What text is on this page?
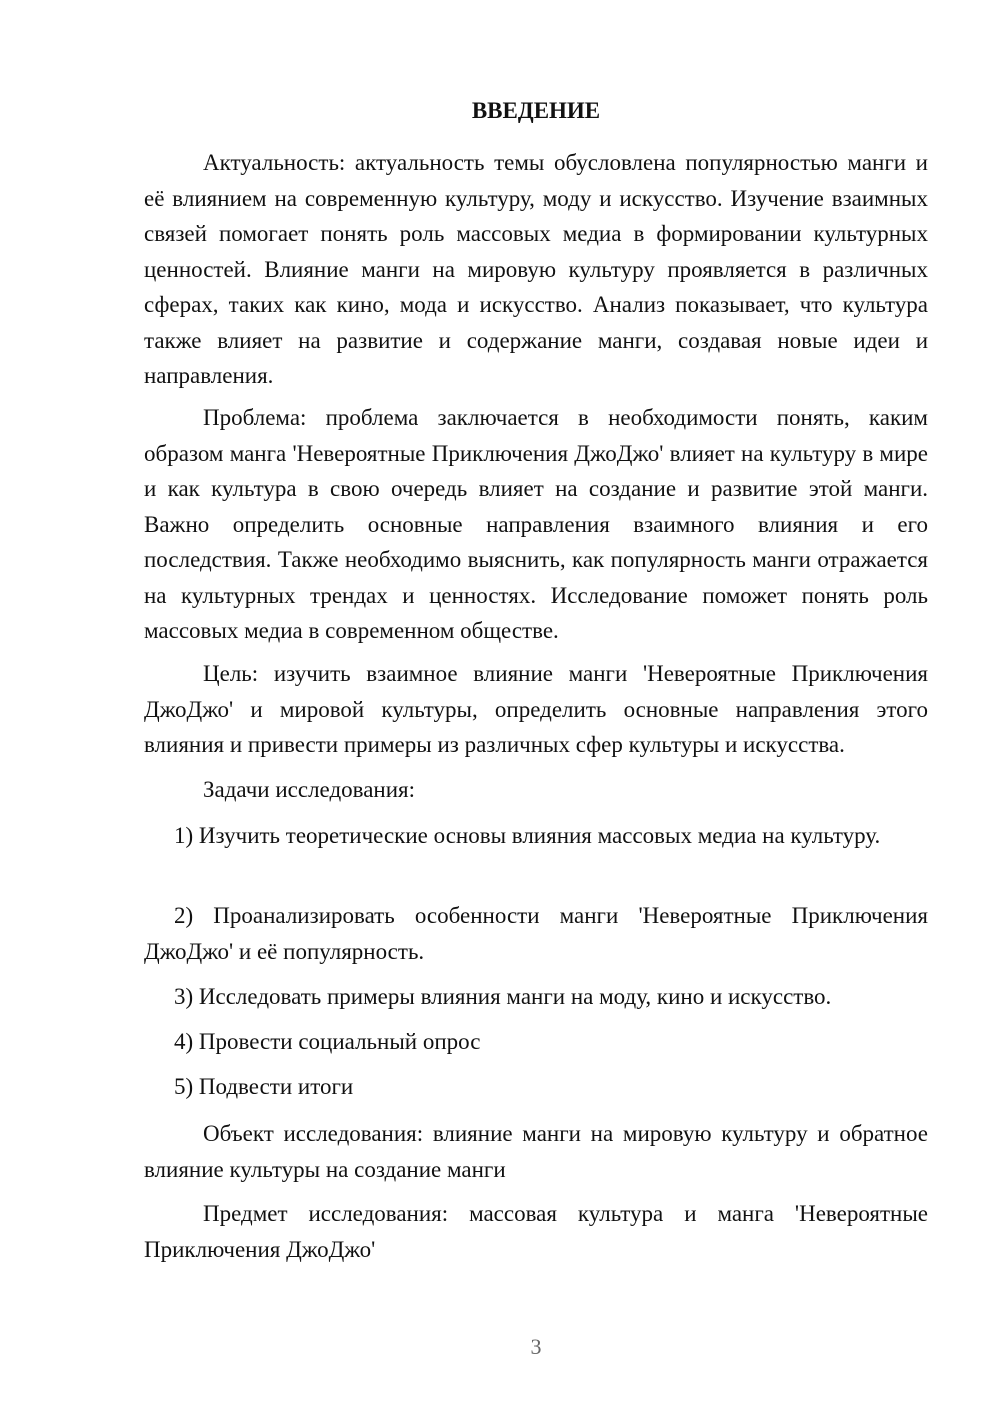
ВВЕДЕНИЕ

Актуальность: актуальность темы обусловлена популярностью манги и её влиянием на современную культуру, моду и искусство. Изучение взаимных связей помогает понять роль массовых медиа в формировании культурных ценностей. Влияние манги на мировую культуру проявляется в различных сферах, таких как кино, мода и искусство. Анализ показывает, что культура также влияет на развитие и содержание манги, создавая новые идеи и направления.

Проблема: проблема заключается в необходимости понять, каким образом манга 'Невероятные Приключения ДжоДжо' влияет на культуру в мире и как культура в свою очередь влияет на создание и развитие этой манги. Важно определить основные направления взаимного влияния и его последствия. Также необходимо выяснить, как популярность манги отражается на культурных трендах и ценностях. Исследование поможет понять роль массовых медиа в современном обществе.

Цель: изучить взаимное влияние манги 'Невероятные Приключения ДжоДжо' и мировой культуры, определить основные направления этого влияния и привести примеры из различных сфер культуры и искусства.

Задачи исследования:

1) Изучить теоретические основы влияния массовых медиа на культуру.

2) Проанализировать особенности манги 'Невероятные Приключения ДжоДжо' и её популярность.

3) Исследовать примеры влияния манги на моду, кино и искусство.

4) Провести социальный опрос

5) Подвести итоги

Объект исследования: влияние манги на мировую культуру и обратное влияние культуры на создание манги

Предмет исследования: массовая культура и манга 'Невероятные Приключения ДжоДжо'

3
